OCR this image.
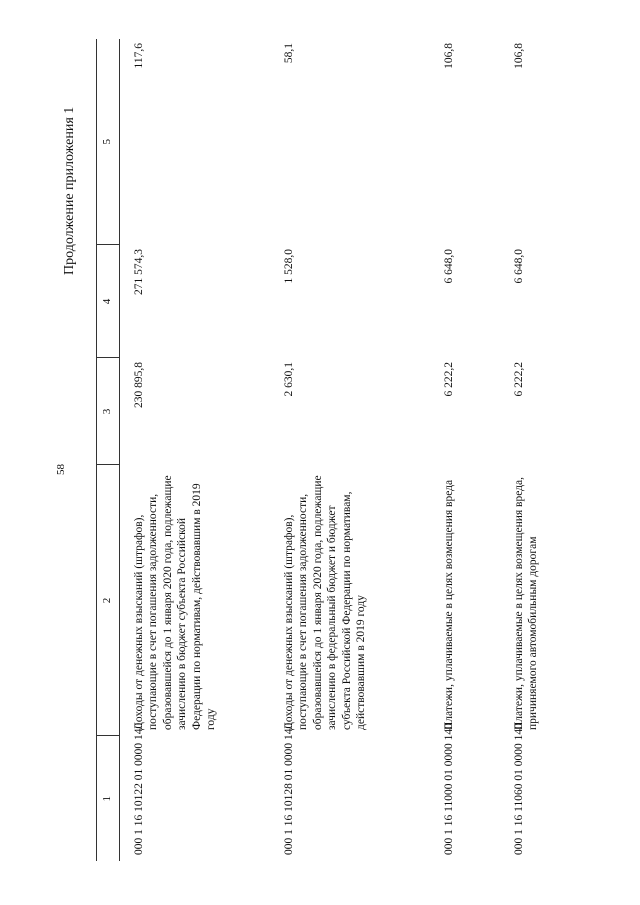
58
Продолжение приложения 1
1	2	3	4	5
000 1 16 10122 01 0000 140	Доходы от денежных взысканий (штрафов), поступающие в счет погашения задолженности, образовавшейся до 1 января 2020 года, подлежащие зачислению в бюджет субъекта Российской Федерации по нормативам, действовавшим в 2019 году	230 895,8	271 574,3	117,6
000 1 16 10128 01 0000 140	Доходы от денежных взысканий (штрафов), поступающие в счет погашения задолженности, образовавшейся до 1 января 2020 года, подлежащие зачислению в федеральный бюджет и бюджет субъекта Российской Федерации по нормативам, действовавшим в 2019 году	2 630,1	1 528,0	58,1
000 1 16 11000 01 0000 140	Платежи, уплачиваемые в целях возмещения вреда	6 222,2	6 648,0	106,8
000 1 16 11060 01 0000 140	Платежи, уплачиваемые в целях возмещения вреда, причиняемого автомобильным дорогам	6 222,2	6 648,0	106,8
